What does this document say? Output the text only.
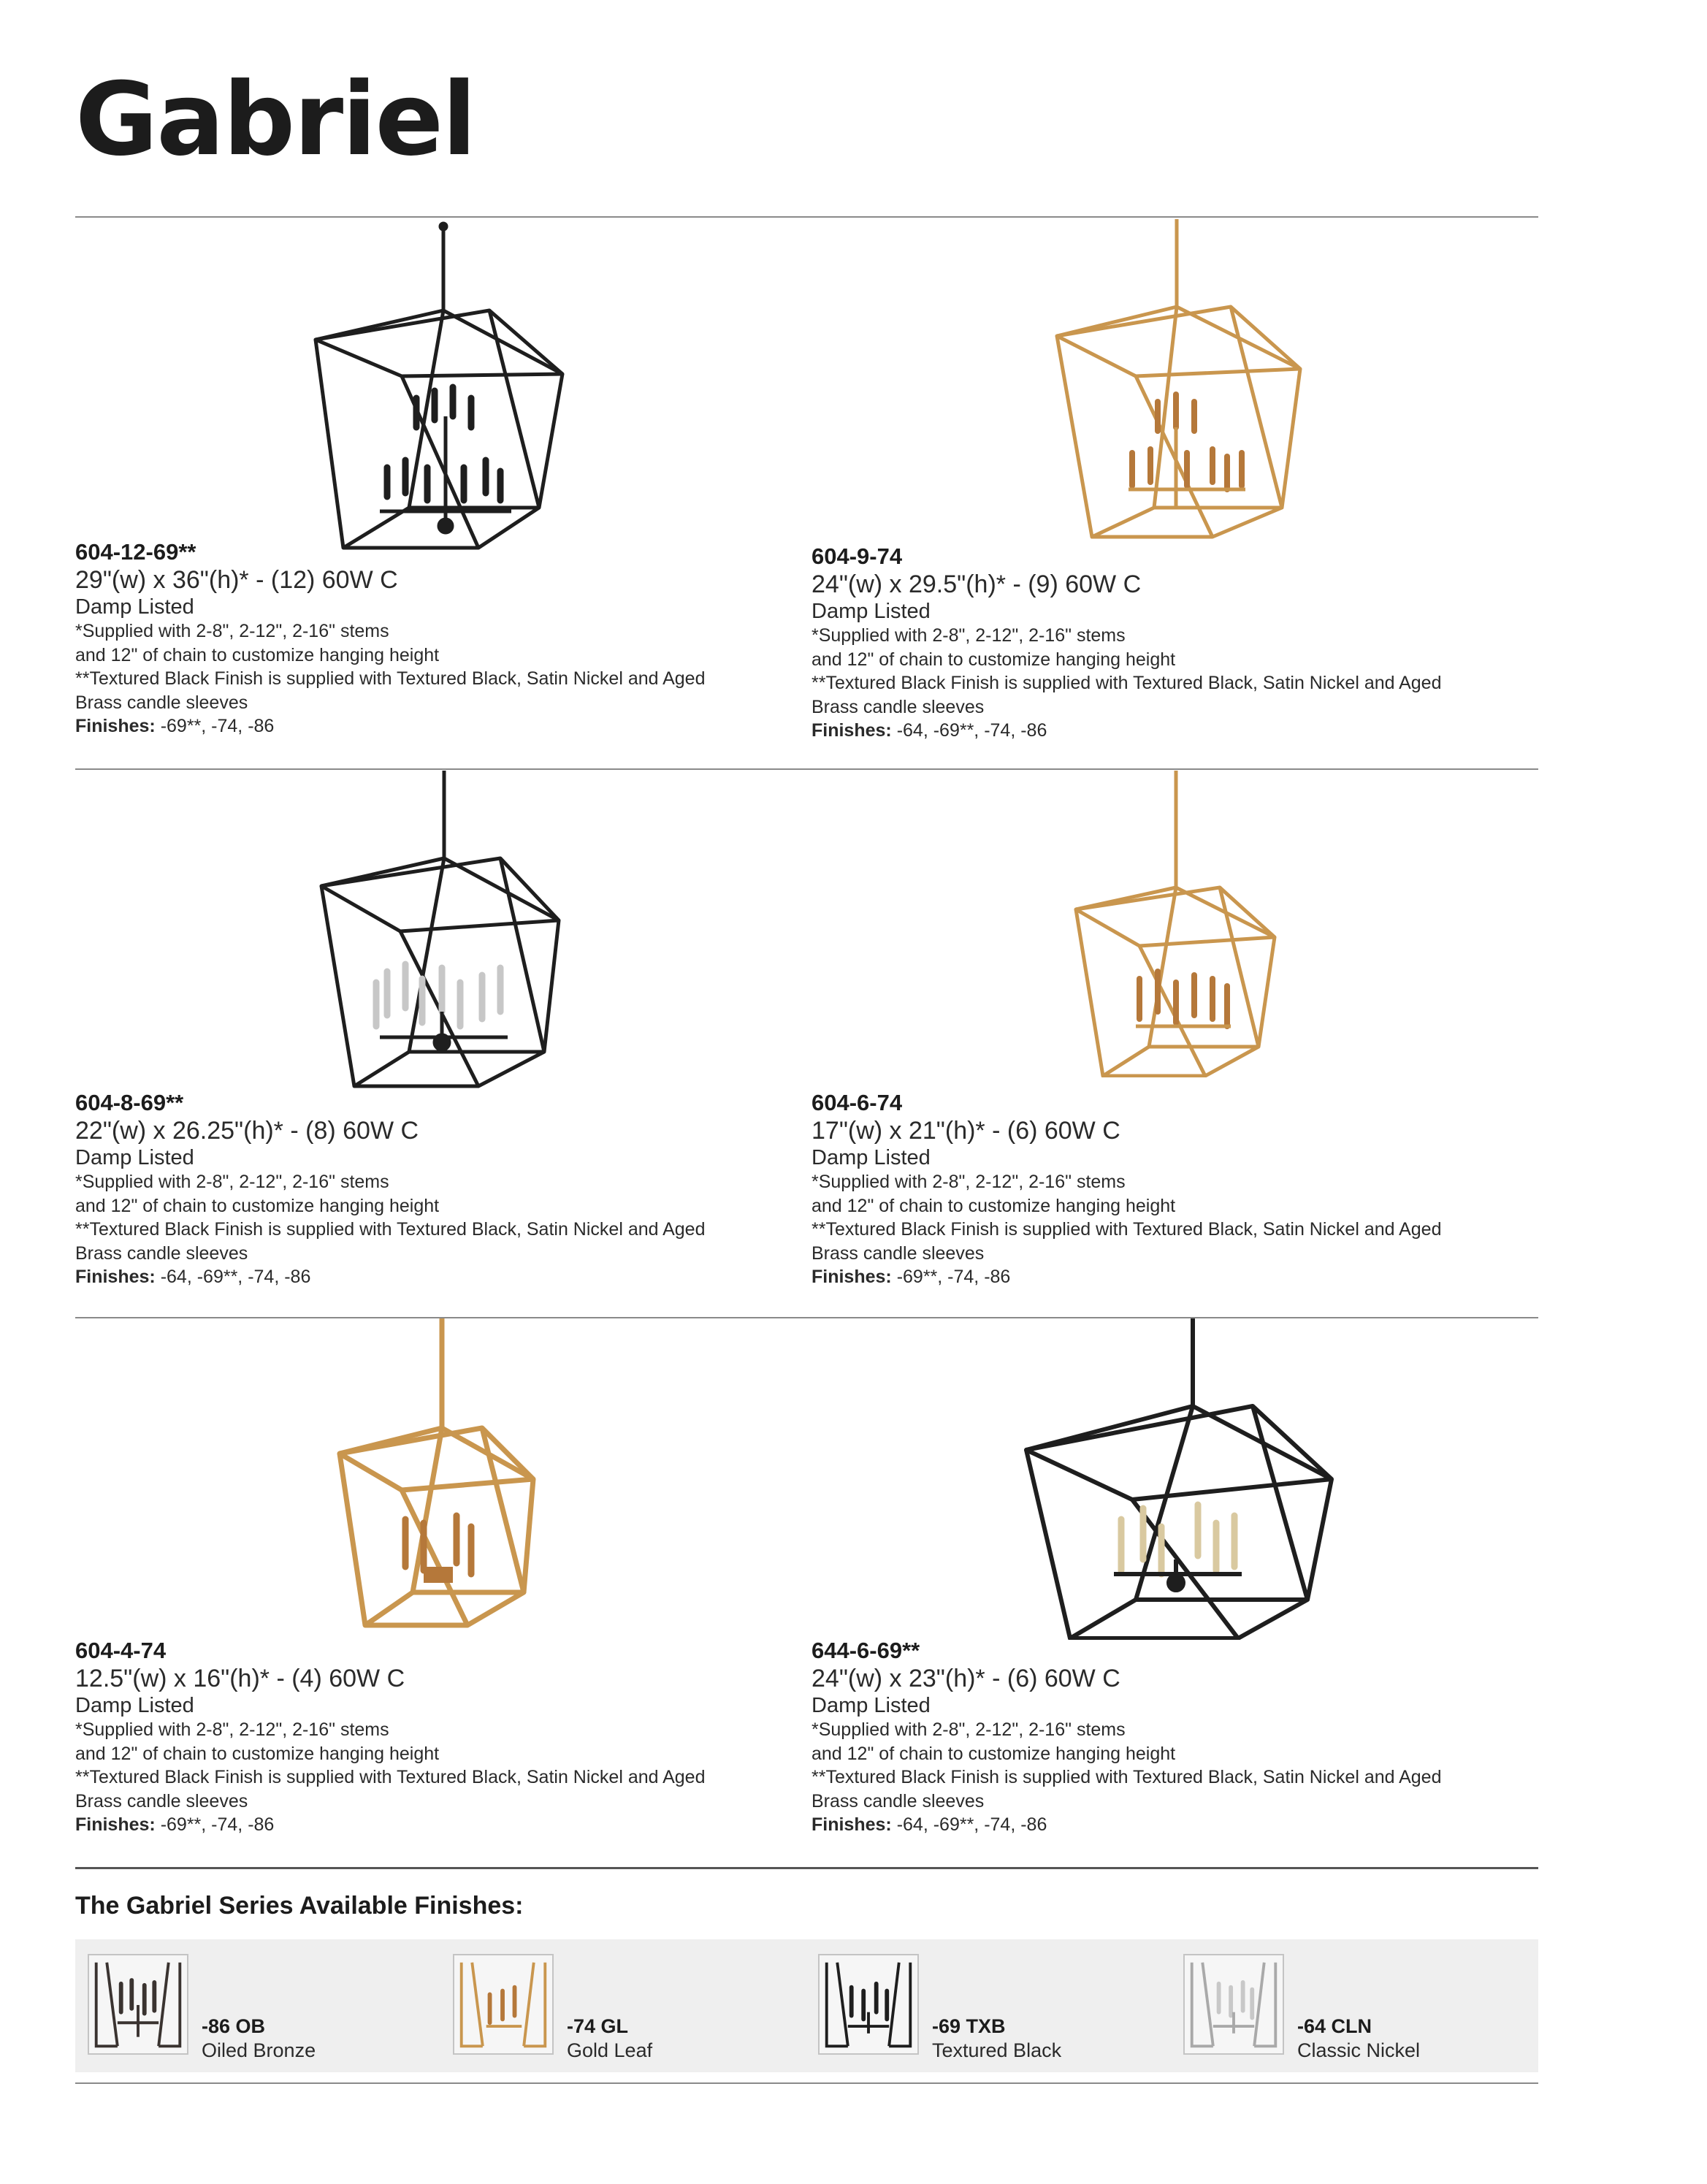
Gabriel
604-12-69**
29"(w) x 36"(h)* - (12) 60W C
Damp Listed
*Supplied with 2-8", 2-12", 2-16" stems
and 12" of chain to customize hanging height
**Textured Black Finish is supplied with Textured Black, Satin Nickel and Aged
Brass candle sleeves
Finishes: -69**, -74, -86
604-9-74
24"(w) x 29.5"(h)* - (9) 60W C
Damp Listed
*Supplied with 2-8", 2-12", 2-16" stems
and 12" of chain to customize hanging height
**Textured Black Finish is supplied with Textured Black, Satin Nickel and Aged
Brass candle sleeves
Finishes: -64, -69**, -74, -86
604-8-69**
22"(w) x 26.25"(h)* - (8) 60W C
Damp Listed
*Supplied with 2-8", 2-12", 2-16" stems
and 12" of chain to customize hanging height
**Textured Black Finish is supplied with Textured Black, Satin Nickel and Aged
Brass candle sleeves
Finishes: -64, -69**, -74, -86
604-6-74
17"(w) x 21"(h)* - (6) 60W C
Damp Listed
*Supplied with 2-8", 2-12", 2-16" stems
and 12" of chain to customize hanging height
**Textured Black Finish is supplied with Textured Black, Satin Nickel and Aged
Brass candle sleeves
Finishes: -69**, -74, -86
604-4-74
12.5"(w) x 16"(h)* - (4) 60W C
Damp Listed
*Supplied with 2-8", 2-12", 2-16" stems
and 12" of chain to customize hanging height
**Textured Black Finish is supplied with Textured Black, Satin Nickel and Aged
Brass candle sleeves
Finishes: -69**, -74, -86
644-6-69**
24"(w) x 23"(h)* - (6) 60W C
Damp Listed
*Supplied with 2-8", 2-12", 2-16" stems
and 12" of chain to customize hanging height
**Textured Black Finish is supplied with Textured Black, Satin Nickel and Aged
Brass candle sleeves
Finishes: -64, -69**, -74, -86
The Gabriel Series Available Finishes:
-86 OB
Oiled Bronze
-74 GL
Gold Leaf
-69 TXB
Textured Black
-64 CLN
Classic Nickel
